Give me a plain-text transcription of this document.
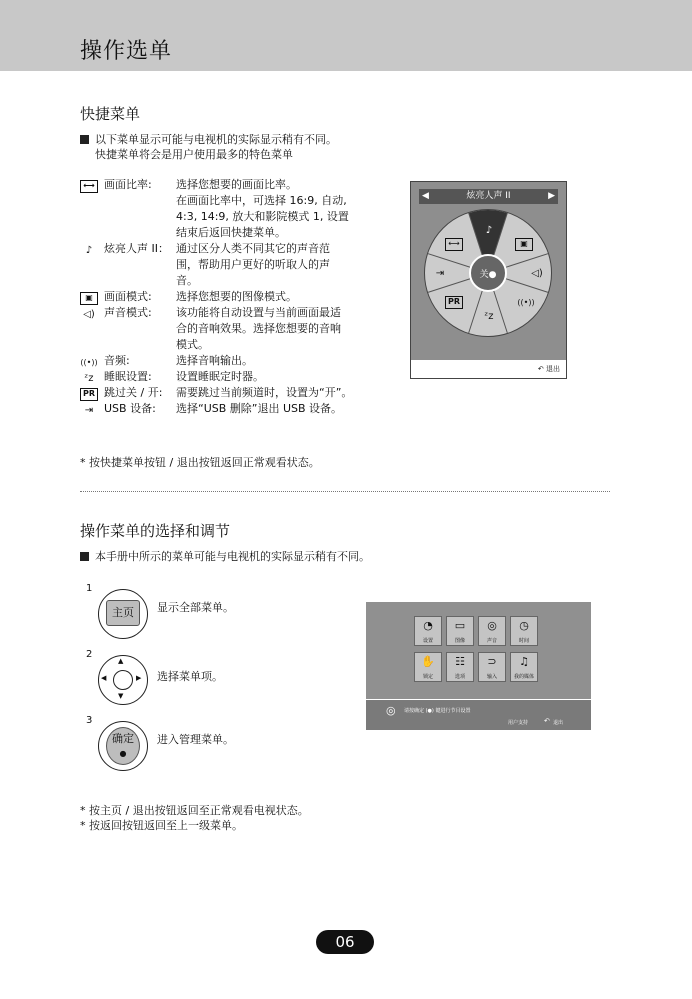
操作选单
快捷菜单
以下菜单显示可能与电视机的实际显示稍有不同。
快捷菜单将会是用户使用最多的特色菜单
⟷ 画面比率: 选择您想要的画面比率。
在画面比率中，可选择 16:9, 自动,
4:3, 14:9, 放大和影院模式 1, 设置
结束后返回快捷菜单。
♪	炫亮人声 II： 通过区分人类不同其它的声音范
围，帮助用户更好的听取人的声
音。
▣	画面模式: 选择您想要的图像模式。
◁) 声音模式: 该功能将自动设置与当前画面最适
合的音响效果。选择您想要的音响
模式。
((•)) 音频:	选择音响输出。
ᶻz 睡眠设置: 设置睡眠定时器。
PR 跳过关 / 开: 需要跳过当前频道时，设置为“开”。
⇥ USB 设备: 选择“USB 删除”退出 USB 设备。
◀	炫亮人声 II	▶
♪
▣
⟷
◁)
⇥
((•))
PR
ᶻz
关●
↶ 退出
* 按快捷菜单按钮 / 退出按钮返回正常观看状态。
操作菜单的选择和调节
本手册中所示的菜单可能与电视机的实际显示稍有不同。
1
主页	显示全部菜单。
2
▲
▼
◀	▶ 选择菜单项。
3
确定
●
进入管理菜单。
◔
设置
▭
图像
◎
声音
◷
时间
✋
锁定
☷
选项
⊃
输入
♫
我的媒体
◎ 请按确定 (●) 键进行节目设置
用户支持 ↶ 退出
* 按主页 / 退出按钮返回至正常观看电视状态。
* 按返回按钮返回至上一级菜单。
06
